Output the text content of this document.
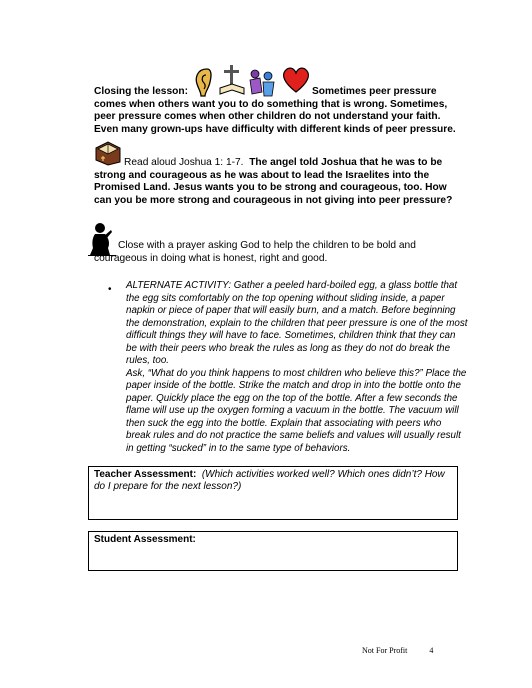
Closing the lesson:	Sometimes peer pressure comes when others want you to do something that is wrong. Sometimes, peer pressure comes when other children do not understand your faith. Even many grown-ups have difficulty with different kinds of peer pressure.
Read aloud Joshua 1: 1-7. The angel told Joshua that he was to be strong and courageous as he was about to lead the Israelites into the Promised Land. Jesus wants you to be strong and courageous, too. How can you be more strong and courageous in not giving into peer pressure?
Close with a prayer asking God to help the children to be bold and courageous in doing what is honest, right and good.
• ALTERNATE ACTIVITY: Gather a peeled hard-boiled egg, a glass bottle that the egg sits comfortably on the top opening without sliding inside, a paper napkin or piece of paper that will easily burn, and a match. Before beginning the demonstration, explain to the children that peer pressure is one of the most difficult things they will have to face. Sometimes, children think that they can be with their peers who break the rules as long as they do not do break the rules, too.
Ask, “What do you think happens to most children who believe this?” Place the paper inside of the bottle. Strike the match and drop in into the bottle onto the paper. Quickly place the egg on the top of the bottle. After a few seconds the flame will use up the oxygen forming a vacuum in the bottle. The vacuum will then suck the egg into the bottle. Explain that associating with peers who break rules and do not practice the same beliefs and values will usually result in getting “sucked” in to the same type of behaviors.
Teacher Assessment: (Which activities worked well? Which ones didn’t? How do I prepare for the next lesson?)
Student Assessment:
Not For Profit	4
